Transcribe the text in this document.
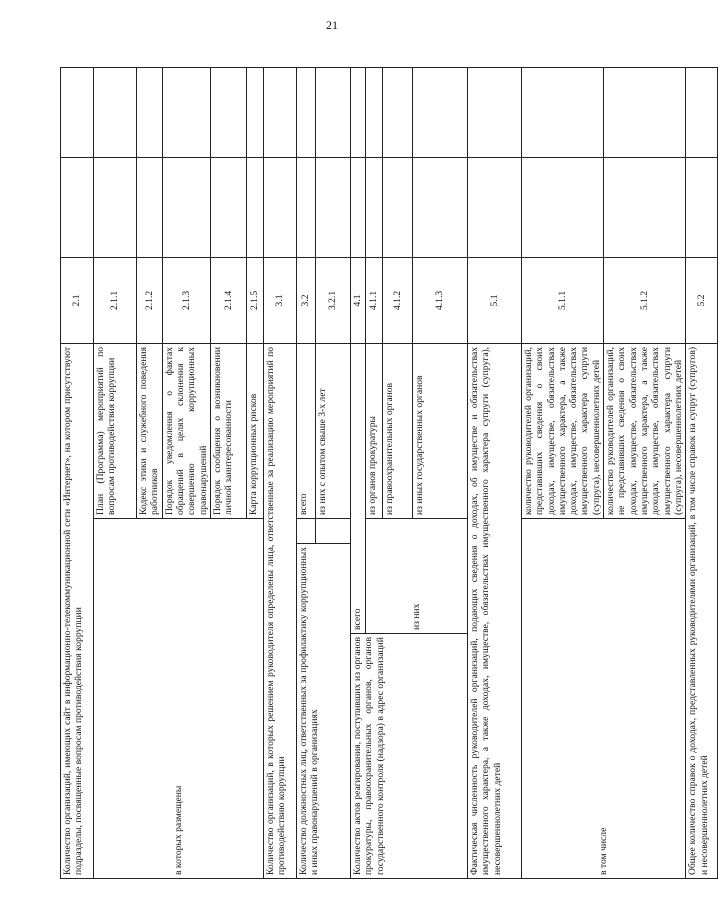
21
Количество организаций, имеющих сайт в информационно-телекоммуникационной сети «Интернет», на котором присутствуют подразделы, посвященные вопросам противодействия коррупции				2.1		
в которых размещены			План (Программа) мероприятий по вопросам противодействия коррупции	2.1.1		
			Кодекс этики и служебного поведения работников	2.1.2		
			Порядок уведомления о фактах обращений в целях склонения к совершению коррупционных правонарушений	2.1.3		
			Порядок сообщения о возникновении личной заинтересованности	2.1.4		
			Карта коррупционных рисков	2.1.5		
Количество организаций, в которых решением руководителя определены лица, ответственные за реализацию мероприятий по противодействию коррупции				3.1		
Количество должностных лиц, ответственных за профилактику коррупционных и иных правонарушений в организациях			всего	3.2		
			из них с опытом свыше 3-х лет	3.2.1		
Количество актов реагирования, поступивших из органов прокуратуры, правоохранительных органов, органов государственного контроля (надзора) в адрес организаций	всего			4.1		
	из них		из органов прокуратуры	4.1.1		
			из правоохранительных органов	4.1.2		
			из иных государственных органов	4.1.3		
Фактическая численность руководителей организаций, подающих сведения о доходах, об имуществе и обязательствах имущественного характера, а также доходах, имуществе, обязательствах имущественного характера супруги (супруга), несовершеннолетних детей				5.1		
в том числе			количество руководителей организаций, представивших сведения о своих доходах, имуществе, обязательствах имущественного характера, а также доходах, имуществе, обязательствах имущественного характера супруги (супруга), несовершеннолетних детей	5.1.1		
			количество руководителей организаций, не представивших сведения о своих доходах, имуществе, обязательствах имущественного характера, а также доходах, имуществе, обязательствах имущественного характера супруги (супруга), несовершеннолетних детей	5.1.2		
Общее количество справок о доходах, представленных руководителями организаций, в том числе справок на супруг (супругов) и несовершеннолетних детей				5.2		
